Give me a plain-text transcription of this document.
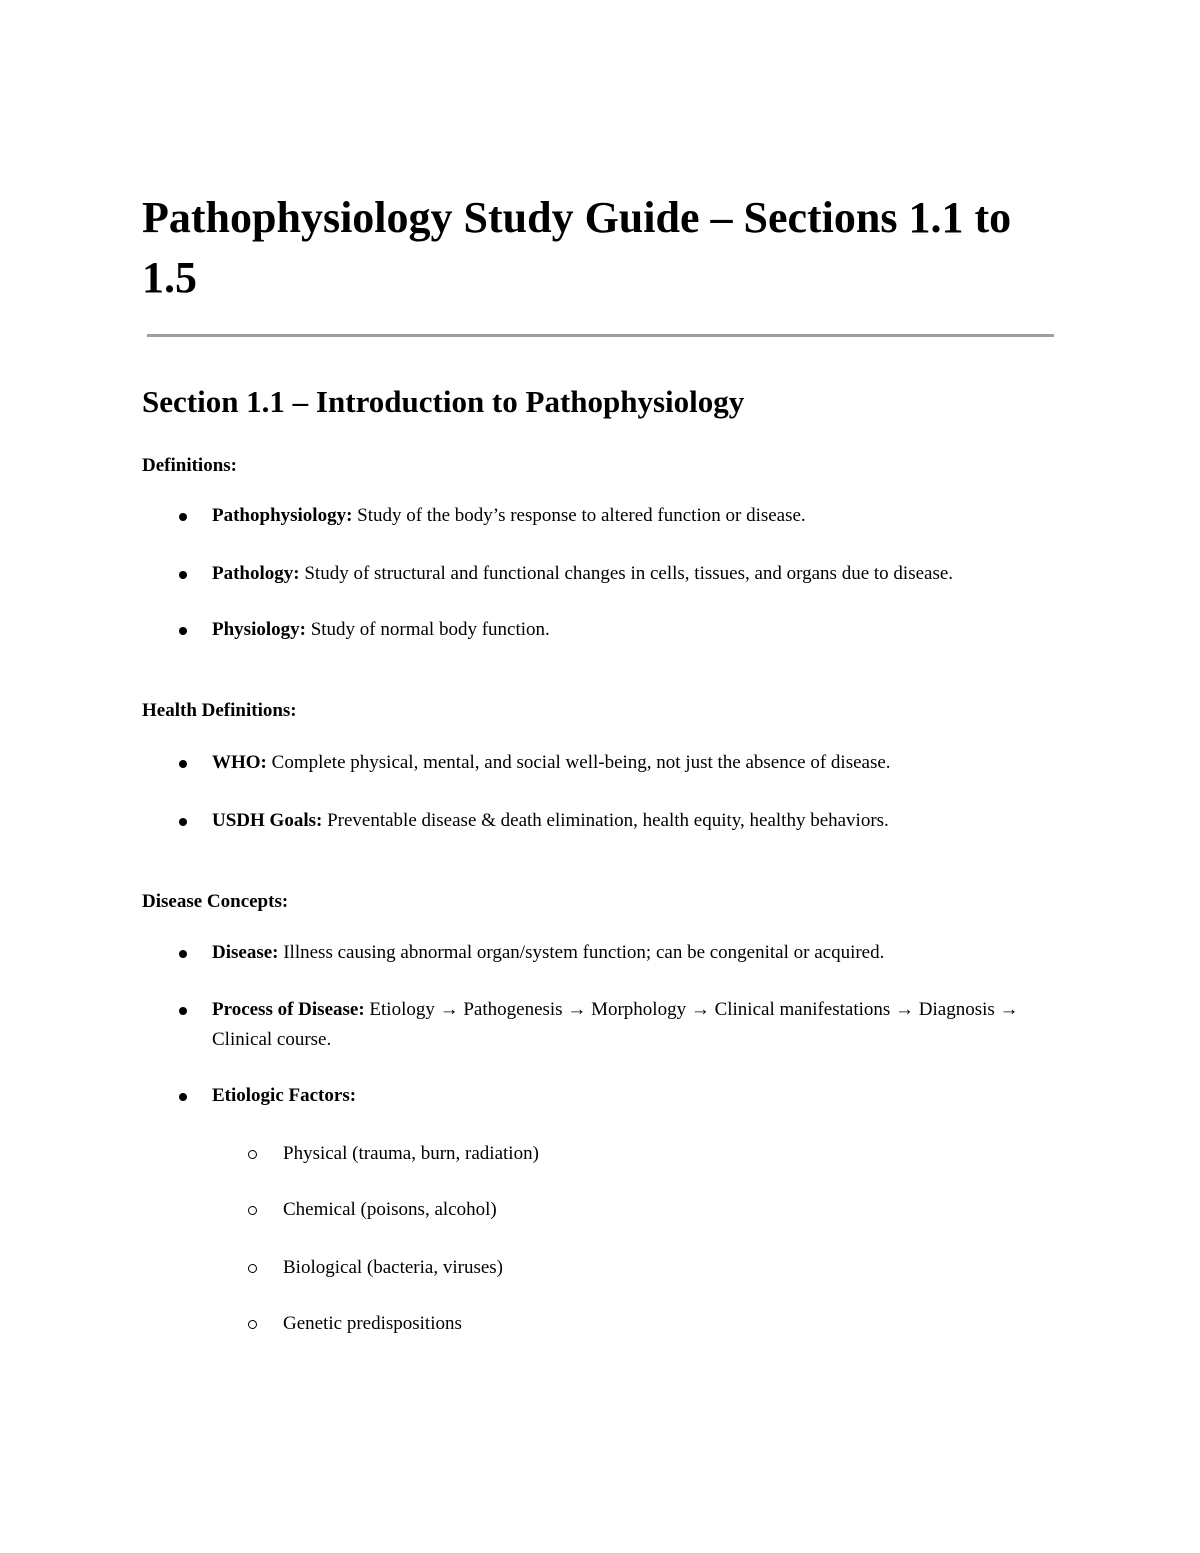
Pathophysiology Study Guide – Sections 1.1 to 1.5
Section 1.1 – Introduction to Pathophysiology
Definitions:
Pathophysiology: Study of the body’s response to altered function or disease.
Pathology: Study of structural and functional changes in cells, tissues, and organs due to disease.
Physiology: Study of normal body function.
Health Definitions:
WHO: Complete physical, mental, and social well-being, not just the absence of disease.
USDH Goals: Preventable disease & death elimination, health equity, healthy behaviors.
Disease Concepts:
Disease: Illness causing abnormal organ/system function; can be congenital or acquired.
Process of Disease: Etiology → Pathogenesis → Morphology → Clinical manifestations → Diagnosis → Clinical course.
Etiologic Factors:
Physical (trauma, burn, radiation)
Chemical (poisons, alcohol)
Biological (bacteria, viruses)
Genetic predispositions
